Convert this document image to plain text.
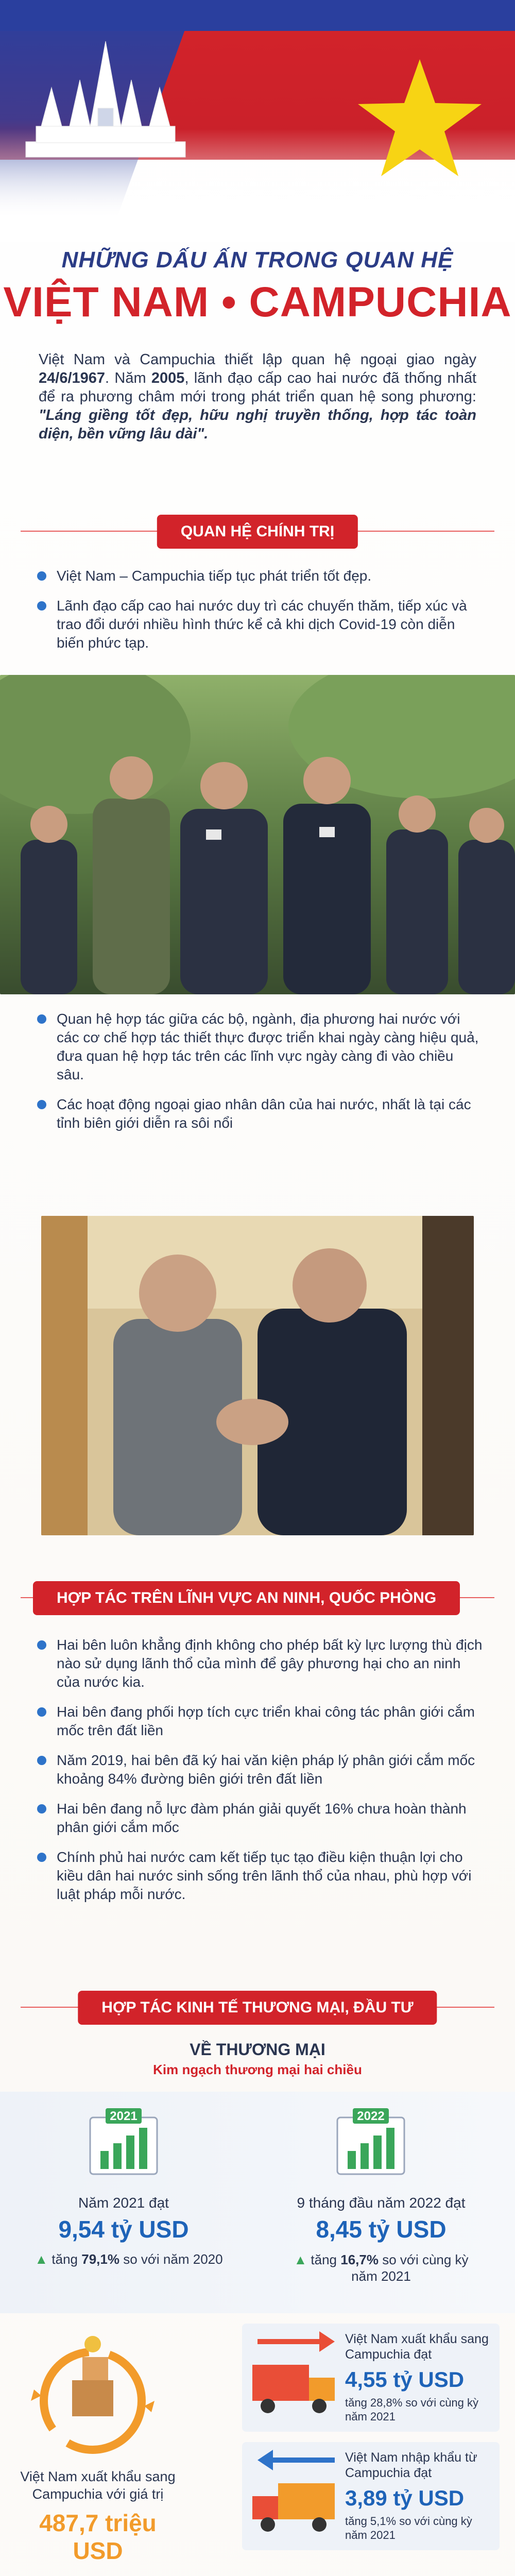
NHỮNG DẤU ẤN TRONG QUAN HỆ
VIỆT NAM • CAMPUCHIA
Việt Nam và Campuchia thiết lập quan hệ ngoại giao ngày 24/6/1967. Năm 2005, lãnh đạo cấp cao hai nước đã thống nhất để ra phương châm mới trong phát triển quan hệ song phương: "Láng giềng tốt đẹp, hữu nghị truyền thống, hợp tác toàn diện, bền vững lâu dài".
QUAN HỆ CHÍNH TRỊ
Việt Nam – Campuchia tiếp tục phát triển tốt đẹp.
Lãnh đạo cấp cao hai nước duy trì các chuyến thăm, tiếp xúc và trao đổi dưới nhiều hình thức kể cả khi dịch Covid-19 còn diễn biến phức tạp.
Quan hệ hợp tác giữa các bộ, ngành, địa phương hai nước với các cơ chế hợp tác thiết thực được triển khai ngày càng hiệu quả, đưa quan hệ hợp tác trên các lĩnh vực ngày càng đi vào chiều sâu.
Các hoạt động ngoại giao nhân dân của hai nước, nhất là tại các tỉnh biên giới diễn ra sôi nổi
HỢP TÁC TRÊN LĨNH VỰC AN NINH, QUỐC PHÒNG
Hai bên luôn khẳng định không cho phép bất kỳ lực lượng thù địch nào sử dụng lãnh thổ của mình để gây phương hại cho an ninh của nước kia.
Hai bên đang phối hợp tích cực triển khai công tác phân giới cắm mốc trên đất liền
Năm 2019, hai bên đã ký hai văn kiện pháp lý phân giới cắm mốc khoảng 84% đường biên giới trên đất liền
Hai bên đang nỗ lực đàm phán giải quyết 16% chưa hoàn thành phân giới cắm mốc
Chính phủ hai nước cam kết tiếp tục tạo điều kiện thuận lợi cho kiều dân hai nước sinh sống trên lãnh thổ của nhau, phù hợp với luật pháp mỗi nước.
HỢP TÁC KINH TẾ THƯƠNG MẠI, ĐẦU TƯ
VỀ THƯƠNG MẠI
Kim ngạch thương mại hai chiều
2021
Năm 2021 đạt
9,54 tỷ USD
▲ tăng 79,1% so với năm 2020
2022
9 tháng đầu năm 2022 đạt
8,45 tỷ USD
▲ tăng 16,7% so với cùng kỳ năm 2021
Việt Nam xuất khẩu sang Campuchia với giá trị
487,7 triệu USD
Việt Nam xuất khẩu sang Campuchia đạt
4,55 tỷ USD
tăng 28,8% so với cùng kỳ năm 2021
Việt Nam nhập khẩu từ Campuchia đạt
3,89 tỷ USD
tăng 5,1% so với cùng kỳ năm 2021
